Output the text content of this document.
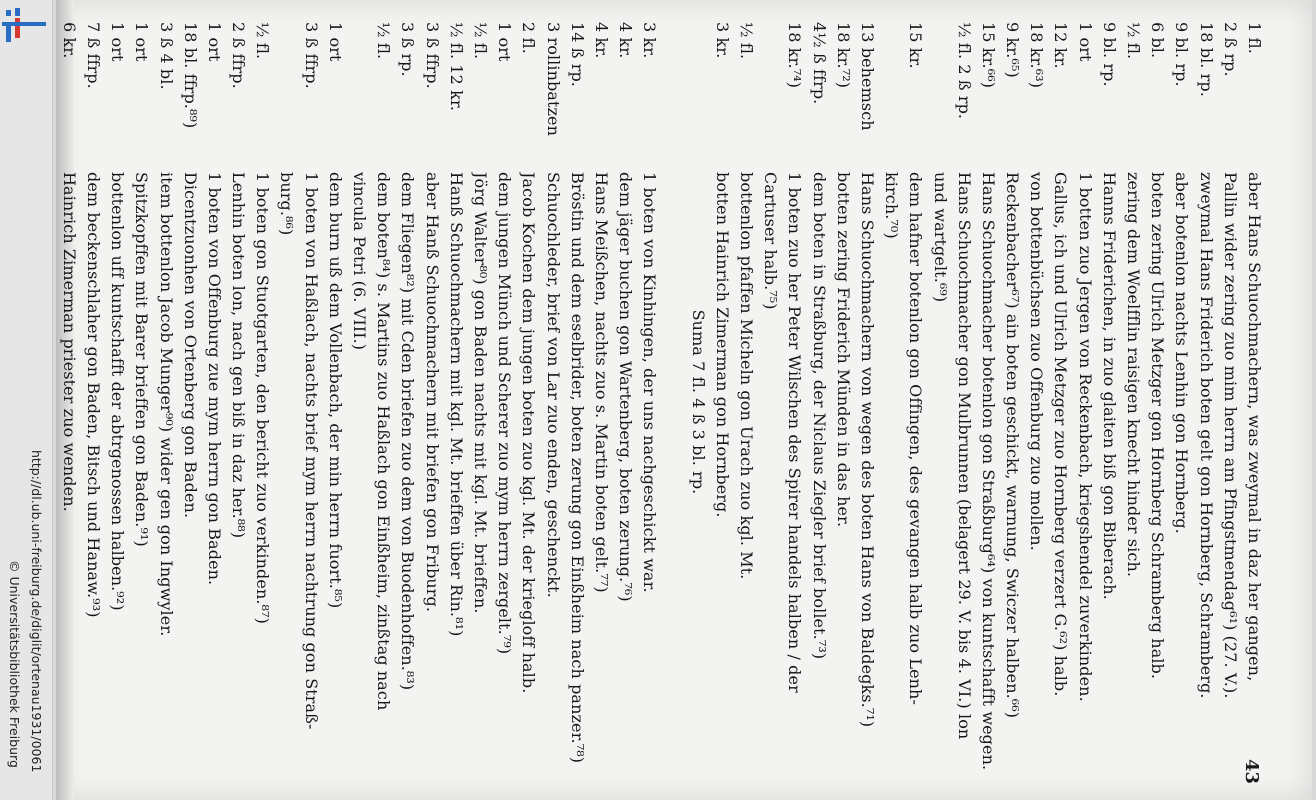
http://dl.ub.uni-freiburg.de/diglit/ortenau1931/0061
© Universitätsbibliothek Freiburg
43
1 fl.
aber Hans Schuochmachern, was zweymal in daz her gangen,
2 ß rp.
Pallin wider zering zuo mim herrn am Pfingstmendag⁶¹) (27. V.).
18 bl. rp.
zweymal Hans Friderich boten gelt gon Hornberg, Schramberg.
9 bl. rp.
aber botenlon nachts Lenhin gon Hornberg.
6 bl.
boten zering Ulrich Metzger gon Hornberg Schramberg halb.
½ fl.
zering dem Woelfflin raisigen knecht hinder sich.
9 bl. rp.
Hanns Friderichen, in zuo glaiten biß gon Biberach.
1 ort
1 botten zuo Jergen von Reckenbach, kriegshendel zuverkinden.
12 kr.
Gallus, ich und Ulrich Metzger zuo Hornberg verzert G.⁶²) halb.
18 kr.⁶³)
von bottenbüchsen zuo Offenburg zuo mollen.
9 kr.⁶⁵)
Reckenbacher⁶⁷) ain boten geschickt, warnung, Swiczer halben.⁶⁶)
15 kr.⁶⁶)
Hans Schuochmacher botenlon gon Straßburg⁶⁴) von kuntschafft wegen.
½ fl. 2 ß rp.
Hans Schuochmacher gon Mulbrunnen (belagert 29. V. bis 4. VI.) lon
und wartgelt.⁶⁹)
15 kr.
dem hafner botenlon gon Offingen, des gevangen halb zuo Lenh-
kirch.⁷⁰)
13 behemsch
Hans Schuochmachern von wegen des boten Hans von Baldegks.⁷¹)
18 kr.⁷²)
botten zering Friderich Münden in das her.
4½ ß ffrp.
dem boten in Straßburg, der Niclaus Ziegler brief bollet.⁷³)
18 kr.⁷⁴)
1 boten zuo her Peter Wilschen des Spirer handels halben / der
Cartuser halb.⁷⁵)
½ fl.
bottenlon pfaffen Micheln gon Urach zuo kgl. Mt.
3 kr.
botten Hainrich Zimerman gon Hornberg.
Suma 7 fl. 4 ß 3 bl. rp.
3 kr.
1 boten von Kinhingen, der uns nachgeschickt war.
4 kr.
dem jäger buchen gon Wartenberg, boten zerung.⁷⁶)
4 kr.
Hans Meißchen, nachts zuo s. Martin boten gelt.⁷⁷)
14 ß rp.
Bröstin und dem eselbrider, boten zerung gon Einßheim nach panzer.⁷⁸)
3 rollinbatzen
Schuochleder, brief von Lar zuo enden, geschenckt.
2 fl.
Jacob Kochen dem jungen boten zuo kgl. Mt. der kriegloff halb.
1 ort
dem jungen Münch und Scherer zuo mym herrn zergelt.⁷⁹)
½ fl.
Jörg Walter⁸⁰) gon Baden nachts mit kgl. Mt. brieffen.
½ fl. 12 kr.
Hanß Schuochmachern mit kgl. Mt. brieffen über Rin.⁸¹)
3 ß ffrp.
aber Hanß Schuochmachern mit briefen gon Friburg.
3 ß rp.
dem Fliegen⁸²) mit Cden briefen zuo dem von Buodenhoffen.⁸³)
½ fl.
dem boten⁸⁴) s. Martins zuo Haßlach gon Einßheim, zinßtag nach
vincula Petri (6. VIII.)
1 ort
dem burn uß dem Vollenbach, der min herrn fuort.⁸⁵)
3 ß ffrp.
1 boten von Haßlach, nachts brief mym herrn nachtrung gon Straß-
burg.⁸⁶)
½ fl.
1 boten gon Stuotgarten, den bericht zuo verkinden.⁸⁷)
2 ß ffrp.
Lenhin boten lon, nach gen biß in daz her.⁸⁸)
1 ort
1 boten von Offenburg zue mym herrn gon Baden.
18 bl. ffrp.⁸⁹)
Dicentzuonhen von Ortenberg gon Baden.
3 ß 4 bl.
item bottenlon Jacob Munger⁹⁰) wider gen gon Ingwyler.
1 ort
Spitzkopffen mit Barer brieffen gon Baden.⁹¹)
1 ort
bottenlon uff kuntschafft der abtrgenossen halben.⁹²)
7 ß ffrp.
dem beckenschlaher gon Baden, Bitsch und Hanaw.⁹³)
6 kr.
Hainrich Zimerman priester zuo wenden.
